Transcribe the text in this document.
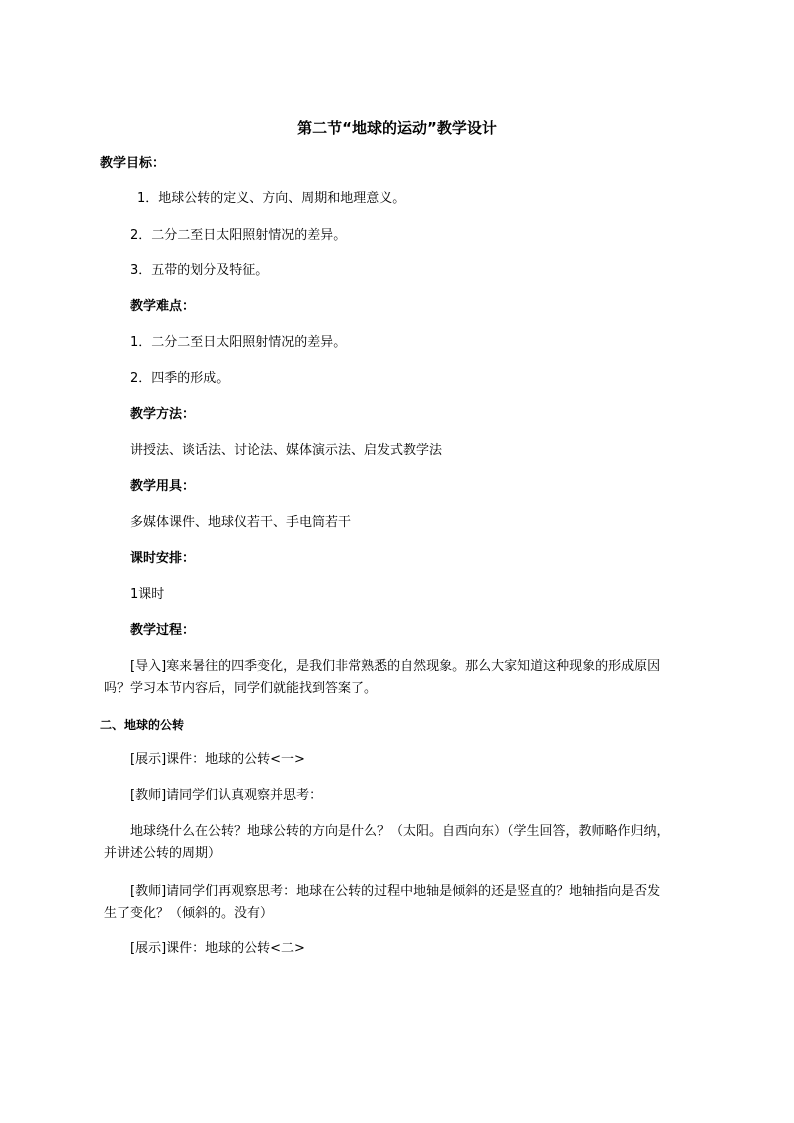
第二节“地球的运动”教学设计
教学目标：
1．地球公转的定义、方向、周期和地理意义。
2．二分二至日太阳照射情况的差异。
3．五带的划分及特征。
教学难点：
1．二分二至日太阳照射情况的差异。
2．四季的形成。
教学方法：
讲授法、谈话法、讨论法、媒体演示法、启发式教学法
教学用具：
多媒体课件、地球仪若干、手电筒若干
课时安排：
1课时
教学过程：
[导入]寒来暑往的四季变化，是我们非常熟悉的自然现象。那么大家知道这种现象的形成原因吗？学习本节内容后，同学们就能找到答案了。
二、地球的公转
[展示]课件：地球的公转<一>
[教师]请同学们认真观察并思考：
地球绕什么在公转？地球公转的方向是什么？（太阳。自西向东）（学生回答，教师略作归纳，并讲述公转的周期）
[教师]请同学们再观察思考：地球在公转的过程中地轴是倾斜的还是竖直的？地轴指向是否发生了变化？（倾斜的。没有）
[展示]课件：地球的公转<二>
